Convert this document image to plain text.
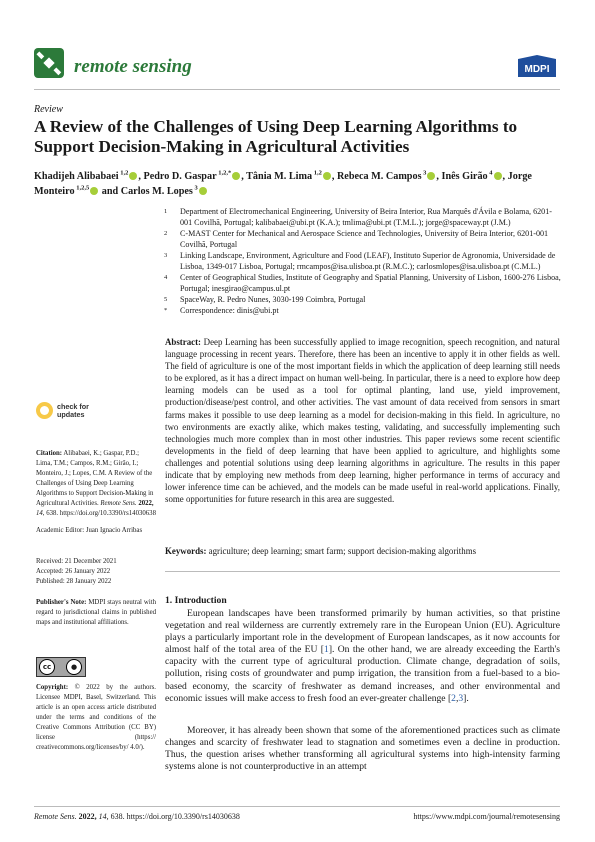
remote sensing	MDPI
Review
A Review of the Challenges of Using Deep Learning Algorithms to Support Decision-Making in Agricultural Activities
Khadijeh Alibabaei $^{1,2}$ , Pedro D. Gaspar $^{1,2,*}$ , Tânia M. Lima $^{1,2}$ , Rebeca M. Campos $^3$ , Inês Girão $^4$ , Jorge Monteiro $^{1,2,5}$ and Carlos M. Lopes $^3$
1 Department of Electromechanical Engineering, University of Beira Interior, Rua Marquês d'Ávila e Bolama, 6201-001 Covilhã, Portugal; kalibabaei@ubi.pt (K.A.); tmlima@ubi.pt (T.M.L.); jorge@spaceway.pt (J.M.)
2 C-MAST Center for Mechanical and Aerospace Science and Technologies, University of Beira Interior, 6201-001 Covilhã, Portugal
3 Linking Landscape, Environment, Agriculture and Food (LEAF), Instituto Superior de Agronomia, Universidade de Lisboa, 1349-017 Lisboa, Portugal; rmcampos@isa.ulisboa.pt (R.M.C.); carlosmlopes@isa.ulisboa.pt (C.M.L.)
4 Center of Geographical Studies, Institute of Geography and Spatial Planning, University of Lisbon, 1600-276 Lisboa, Portugal; inesgirao@campus.ul.pt
5 SpaceWay, R. Pedro Nunes, 3030-199 Coimbra, Portugal
* Correspondence: dinis@ubi.pt

Abstract: Deep Learning has been successfully applied to image recognition, speech recognition, and natural language processing in recent years. Therefore, there has been an incentive to apply it in other fields as well. The field of agriculture is one of the most important fields in which the application of deep learning still needs to be explored, as it has a direct impact on human well-being. In particular, there is a need to explore how deep learning models can be used as a tool for optimal planting, land use, yield improvement, production/disease/pest control, and other activities. The vast amount of data received from sensors in smart farms makes it possible to use deep learning as a model for decision-making in this field. In agriculture, no two environments are exactly alike, which makes testing, validating, and successfully implementing such technologies much more complex than in most other industries. This paper reviews some recent scientific developments in the field of deep learning that have been applied to agriculture, and highlights some challenges and potential solutions using deep learning algorithms in agriculture. The results in this paper indicate that by employing new methods from deep learning, higher performance in terms of accuracy and lower inference time can be achieved, and the models can be made useful in real-world applications. Finally, some opportunities for future research in this area are suggested.

Keywords: agriculture; deep learning; smart farm; support decision-making algorithms

check for
updates

Citation: Alibabaei, K.; Gaspar, P.D.; Lima, T.M.; Campos, R.M.; Girão, I.; Monteiro, J.; Lopes, C.M. A Review of the Challenges of Using Deep Learning Algorithms to Support Decision-Making in Agricultural Activities. Remote Sens. 2022, 14, 638. https://doi.org/10.3390/rs14030638

Academic Editor: Juan Ignacio Arribas

Received: 21 December 2021
Accepted: 26 January 2022
Published: 28 January 2022

Publisher's Note: MDPI stays neutral with regard to jurisdictional claims in published maps and institutional affiliations.

cc	●

Copyright: © 2022 by the authors. Licensee MDPI, Basel, Switzerland. This article is an open access article distributed under the terms and conditions of the Creative Commons Attribution (CC BY) license (https:// creativecommons.org/licenses/by/ 4.0/).

1. Introduction

European landscapes have been transformed primarily by human activities, so that pristine vegetation and real wilderness are currently extremely rare in the European Union (EU). Agriculture plays a particularly important role in the development of European landscapes, as it now accounts for almost half of the total area of the EU [1]. On the other hand, we are already exceeding the Earth's capacity with the current type of agricultural production. Climate change, degradation of soils, pollution, rising costs of groundwater and pump irrigation, the transition from a fuel-based to a bio-based economy, the scarcity of freshwater as demand increases, and other environmental and economic issues will make access to fresh food an ever-greater challenge [2,3].

Moreover, it has already been shown that some of the aforementioned practices such as climate changes and scarcity of freshwater lead to stagnation and sometimes even a decline in production. Thus, the question arises whether transforming all agricultural systems into high-intensity farming systems alone is not counterproductive in an attempt

Remote Sens. 2022, 14, 638. https://doi.org/10.3390/rs14030638	https://www.mdpi.com/journal/remotesensing
